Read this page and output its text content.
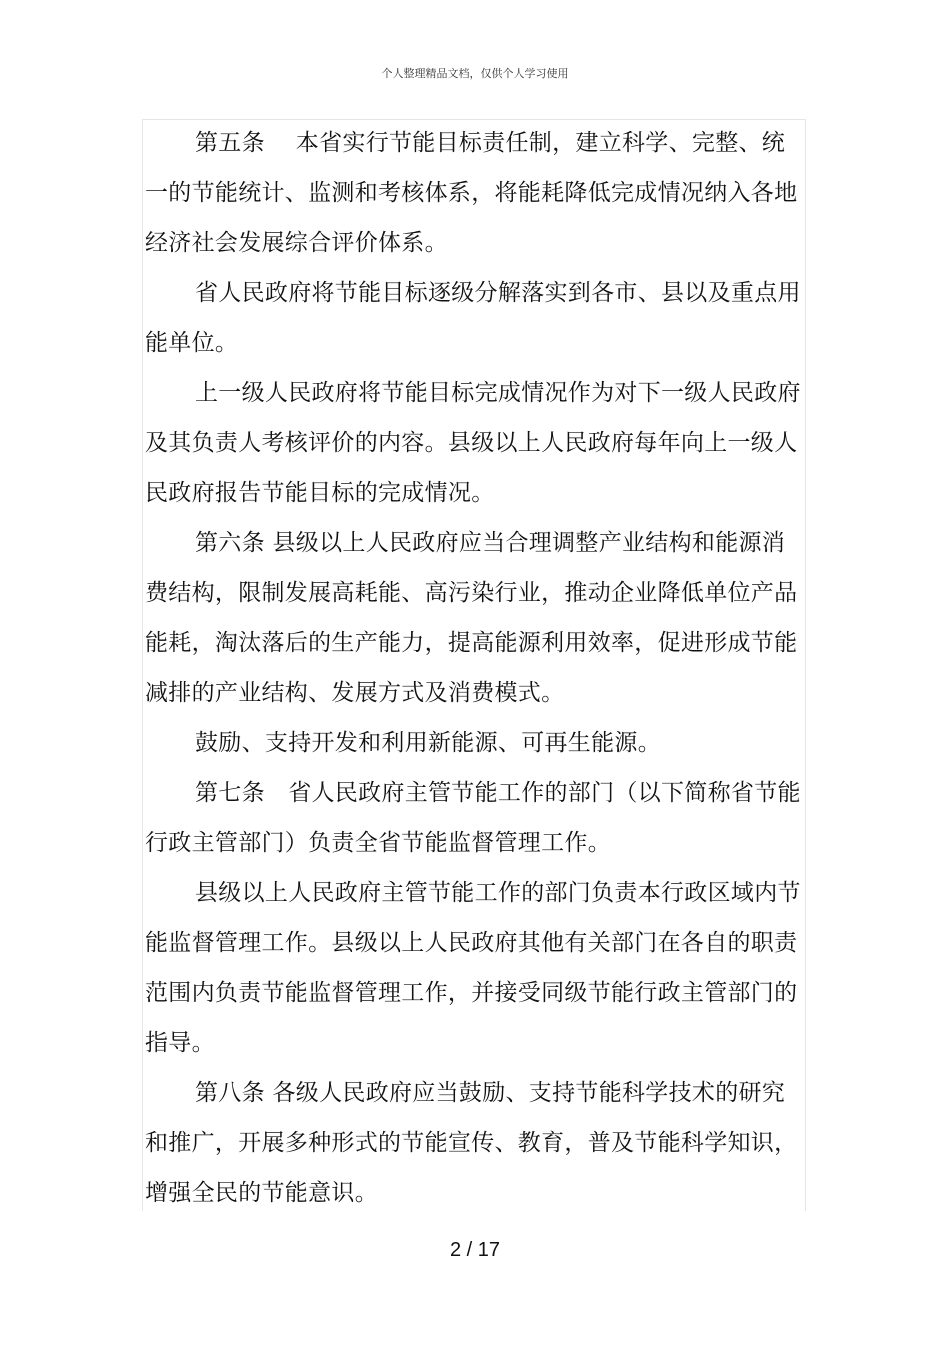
个人整理精品文档，仅供个人学习使用

第五条　 本省实行节能目标责任制，建立科学、完整、统一的节能统计、监测和考核体系，将能耗降低完成情况纳入各地经济社会发展综合评价体系。

省人民政府将节能目标逐级分解落实到各市、县以及重点用能单位。

上一级人民政府将节能目标完成情况作为对下一级人民政府及其负责人考核评价的内容。县级以上人民政府每年向上一级人民政府报告节能目标的完成情况。

第六条 县级以上人民政府应当合理调整产业结构和能源消费结构，限制发展高耗能、高污染行业，推动企业降低单位产品能耗，淘汰落后的生产能力，提高能源利用效率，促进形成节能减排的产业结构、发展方式及消费模式。

鼓励、支持开发和利用新能源、可再生能源。

第七条　省人民政府主管节能工作的部门（以下简称省节能行政主管部门）负责全省节能监督管理工作。

县级以上人民政府主管节能工作的部门负责本行政区域内节能监督管理工作。县级以上人民政府其他有关部门在各自的职责范围内负责节能监督管理工作，并接受同级节能行政主管部门的指导。

第八条 各级人民政府应当鼓励、支持节能科学技术的研究和推广，开展多种形式的节能宣传、教育，普及节能科学知识，增强全民的节能意识。

2 / 17
